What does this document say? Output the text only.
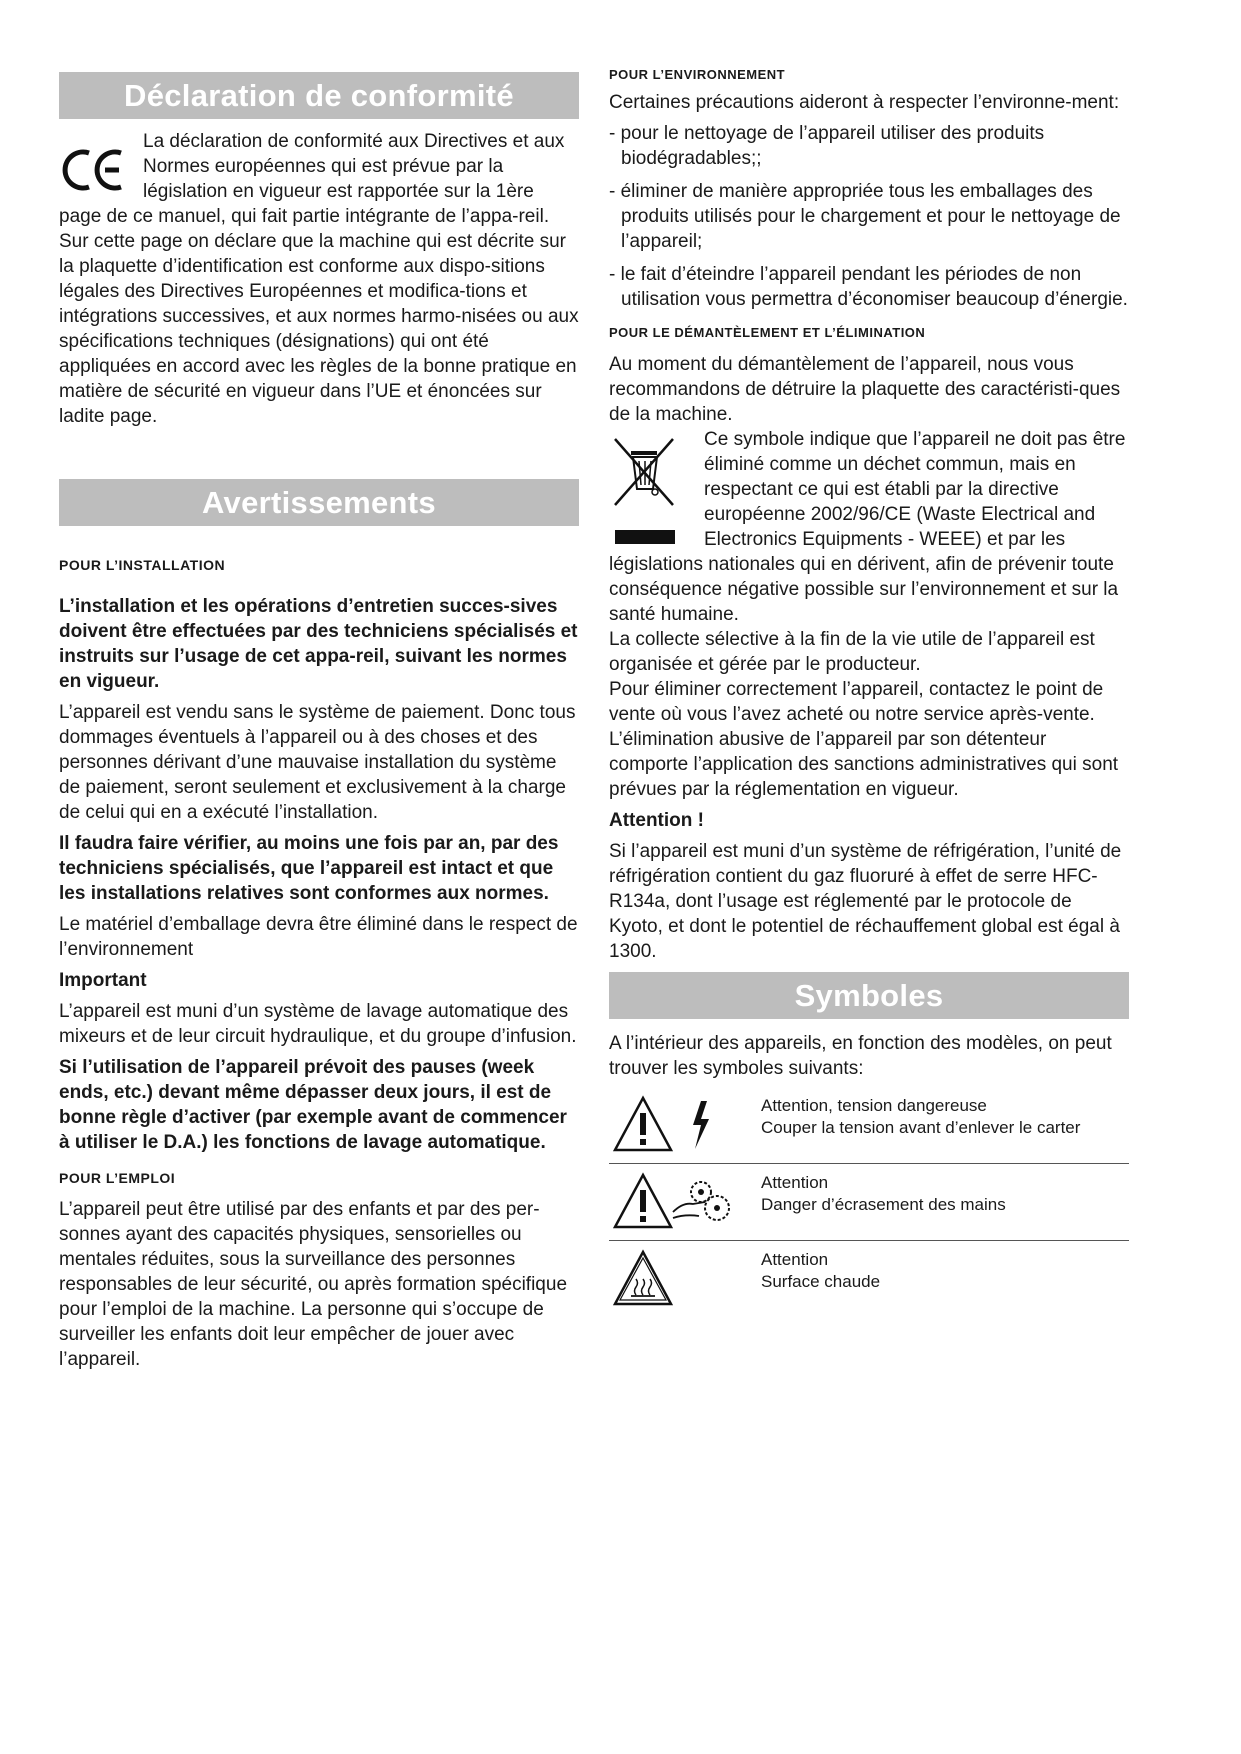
Déclaration de conformité

La déclaration de conformité aux Directives et aux Normes européennes qui est prévue par la législation en vigueur est rapportée sur la 1ère page de ce manuel, qui fait partie intégrante de l’appa-reil.

Sur cette page on déclare que la machine qui est décrite sur la plaquette d’identification est conforme aux dispo-sitions légales des Directives Européennes et modifica-tions et intégrations successives, et aux normes harmo-nisées ou aux spécifications techniques (désignations) qui ont été appliquées en accord avec les règles de la bonne pratique en matière de sécurité en vigueur dans l’UE et énoncées sur ladite page.

Avertissements
POUR L’INSTALLATION

L’installation et les opérations d’entretien succes-sives doivent être effectuées par des techniciens spécialisés et instruits sur l’usage de cet appa-reil, suivant les normes en vigueur.

L’appareil est vendu sans le système de paiement. Donc tous dommages éventuels à l’appareil ou à des choses et des personnes dérivant d’une mauvaise installation du système de paiement, seront seulement et exclusivement à la charge de celui qui en a exécuté l’installation.

Il faudra faire vérifier, au moins une fois par an, par des techniciens spécialisés, que l’appareil est intact et que les installations relatives sont conformes aux normes.

Le matériel d’emballage devra être éliminé dans le respect de l’environnement

Important

L’appareil est muni d’un système de lavage automatique des mixeurs et de leur circuit hydraulique, et du groupe d’infusion.

Si l’utilisation de l’appareil prévoit des pauses (week ends, etc.) devant même dépasser deux jours, il est de bonne règle d’activer (par exemple avant de commencer à utiliser le D.A.) les fonctions de lavage automatique.

POUR L’EMPLOI

L’appareil peut être utilisé par des enfants et par des per-sonnes ayant des capacités physiques, sensorielles ou mentales réduites, sous la surveillance des personnes responsables de leur sécurité, ou après formation spécifique pour l’emploi de la machine. La personne qui s’occupe de surveiller les enfants doit leur empêcher de jouer avec l’appareil.

POUR L’ENVIRONNEMENT

Certaines précautions aideront à respecter l’environne-ment:

- pour le nettoyage de l’appareil utiliser des produits biodégradables;;

- éliminer de manière appropriée tous les emballages des produits utilisés pour le chargement et pour le nettoyage de l’appareil;

- le fait d’éteindre l’appareil pendant les périodes de non utilisation vous permettra d’économiser beaucoup d’énergie.

POUR LE DÉMANTÈLEMENT ET L’ÉLIMINATION

Au moment du démantèlement de l’appareil, nous vous recommandons de détruire la plaquette des caractéristi-ques de la machine.

Ce symbole indique que l’appareil ne doit pas être éliminé comme un déchet commun, mais en respectant ce qui est établi par la directive européenne 2002/96/CE (Waste Electrical and Electronics Equipments - WEEE) et par les législations nationales qui en dérivent, afin de prévenir toute conséquence négative possible sur l’environnement et sur la santé humaine.

La collecte sélective à la fin de la vie utile de l’appareil est organisée et gérée par le producteur.

Pour éliminer correctement l’appareil, contactez le point de vente où vous l’avez acheté ou notre service après-vente.

L’élimination abusive de l’appareil par son détenteur comporte l’application des sanctions administratives qui sont prévues par la réglementation en vigueur.

Attention !

Si l’appareil est muni d’un système de réfrigération, l’unité de réfrigération contient du gaz fluoruré à effet de serre HFC-R134a, dont l’usage est réglementé par le protocole de Kyoto, et dont le potentiel de réchauffement global est égal à 1300.

Symboles

A l’intérieur des appareils, en fonction des modèles, on peut trouver les symboles suivants:

Attention, tension dangereuse
Couper la tension avant d’enlever le carter
Attention
Danger d’écrasement des mains
Attention
Surface chaude
